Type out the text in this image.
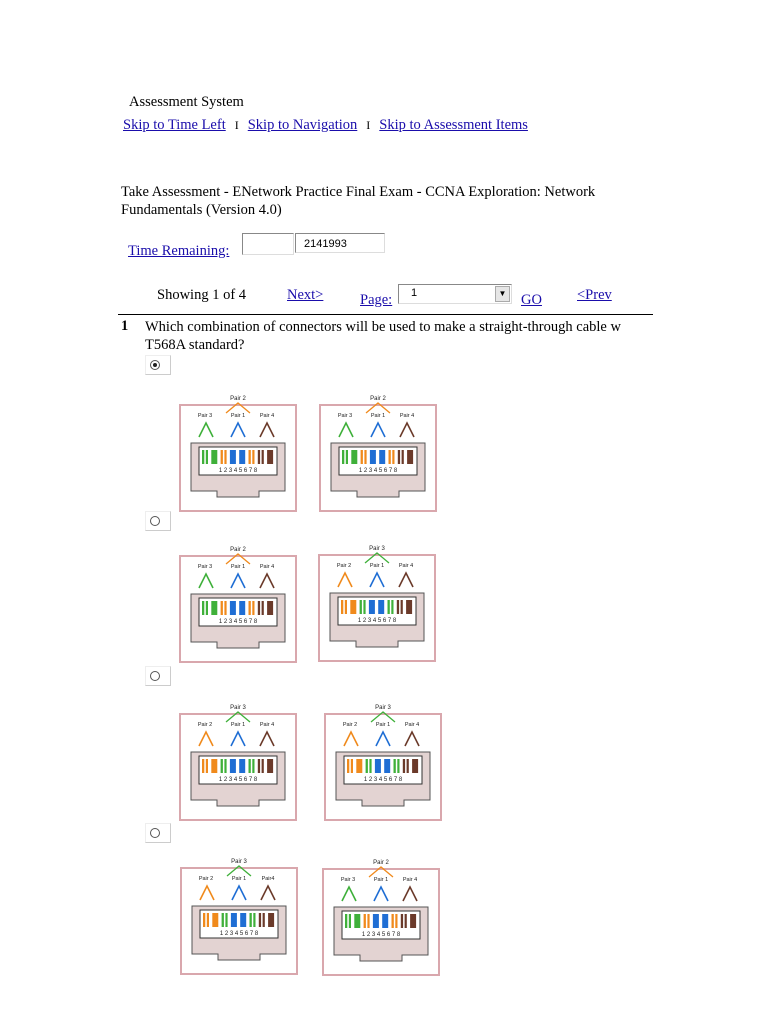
Assessment System
Skip to Time Left I Skip to Navigation I Skip to Assessment Items
Take Assessment - ENetwork Practice Final Exam - CCNA Exploration: Network Fundamentals (Version 4.0)
Time Remaining:	2141993
Showing 1 of 4	Next>	Page: 1	▼ GO <Prev
1 Which combination of connectors will be used to make a straight-through cable w
T568A standard?
Pair 2
Pair 3	Pair 1	Pair 4
1 2 3 4 5 6 7 8
Pair 2
Pair 3	Pair 1	Pair 4
1 2 3 4 5 6 7 8
Pair 2
Pair 3	Pair 1	Pair 4
1 2 3 4 5 6 7 8
Pair 3
Pair 2	Pair 1	Pair 4
1 2 3 4 5 6 7 8
Pair 3
Pair 2	Pair 1	Pair 4
1 2 3 4 5 6 7 8
Pair 3
Pair 2	Pair 1	Pair 4
1 2 3 4 5 6 7 8
Pair 3
Pair 2	Pair 1	Pair4
1 2 3 4 5 6 7 8
Pair 2
Pair 3	Pair 1	Pair 4
1 2 3 4 5 6 7 8
